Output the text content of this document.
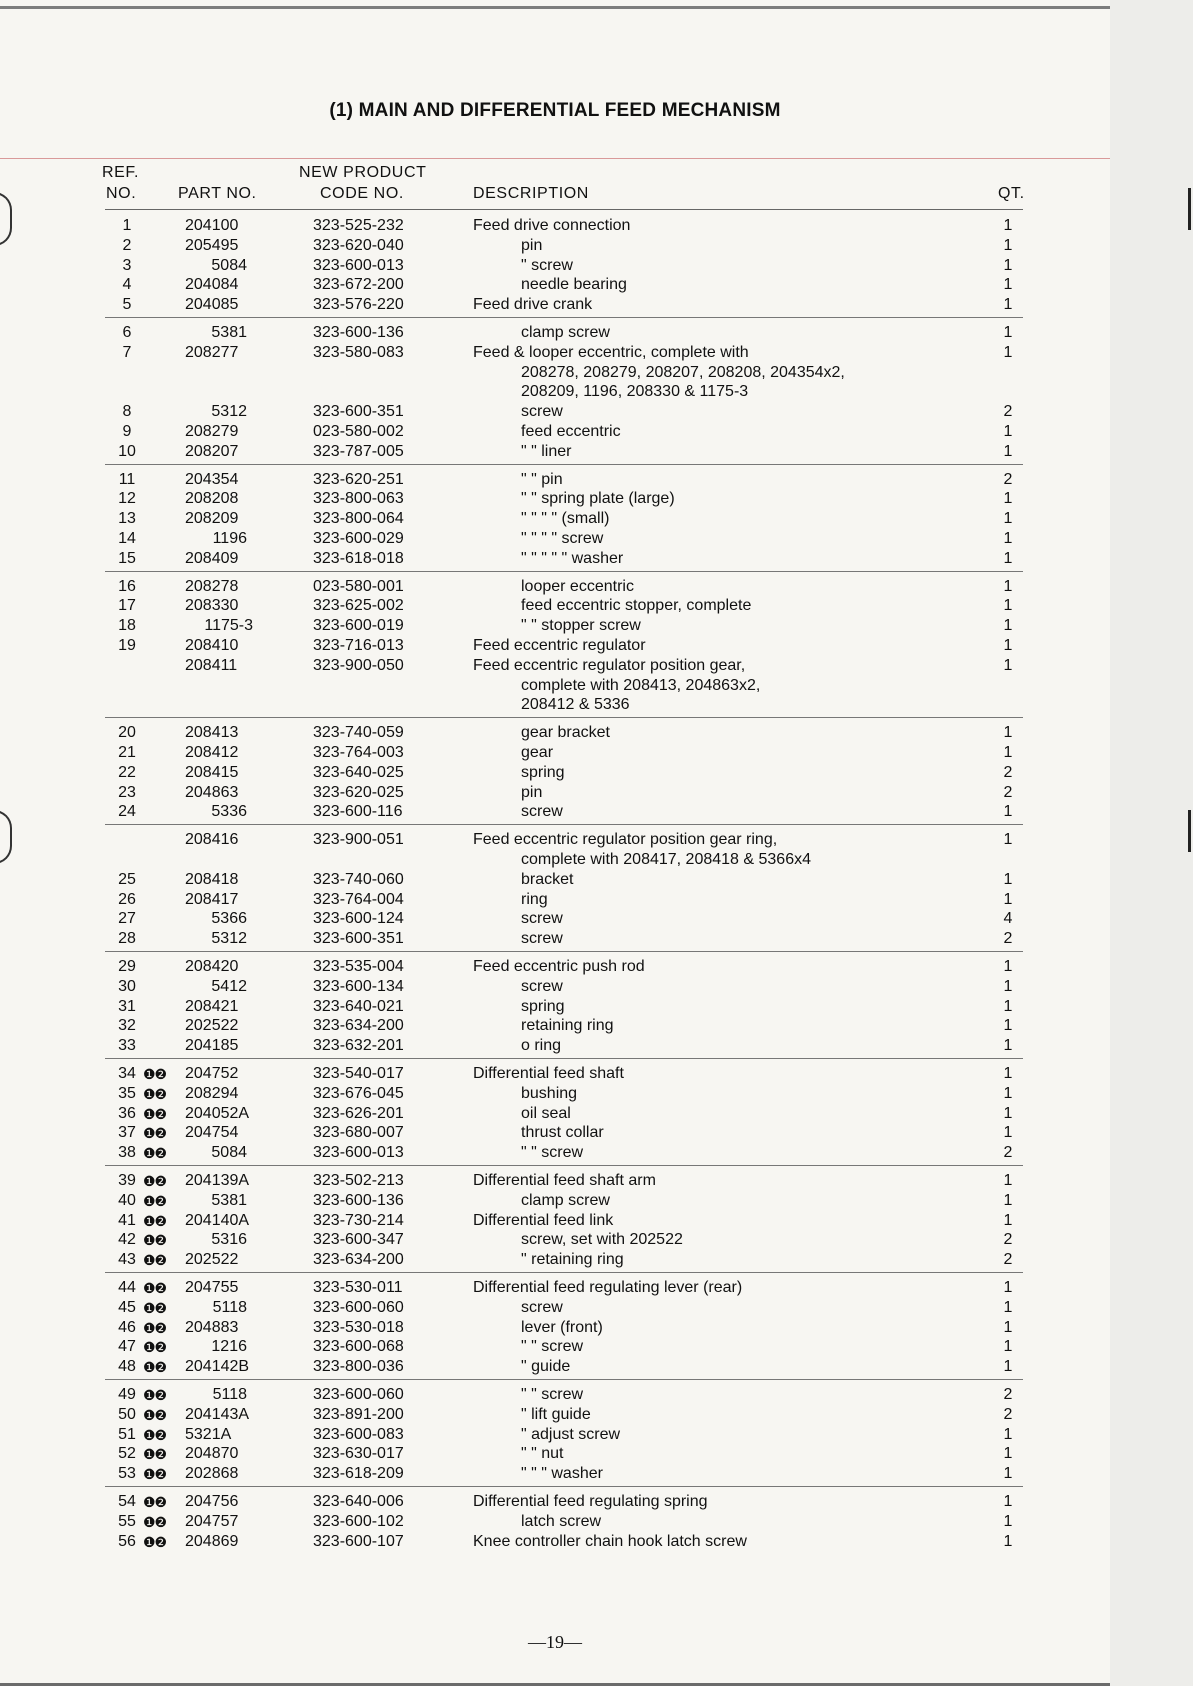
(1) MAIN AND DIFFERENTIAL FEED MECHANISM
REF.
NO.	PART NO.
NEW PRODUCT
CODE NO.	DESCRIPTION	QT.
1	204100	323-525-232	Feed drive connection	1
2	205495	323-620-040	pin	1
3	5084	323-600-013	" screw	1
4	204084	323-672-200	needle bearing	1
5	204085	323-576-220	Feed drive crank	1
6	5381	323-600-136	clamp screw	1
7	208277	323-580-083	Feed & looper eccentric, complete with	1
208278, 208279, 208207, 208208, 204354x2,
208209, 1196, 208330 & 1175-3
8	5312	323-600-351	screw	2
9	208279	023-580-002	feed eccentric	1
10	208207	323-787-005	" " liner	1
11	204354	323-620-251	" " pin	2
12	208208	323-800-063	" " spring plate (large)	1
13	208209	323-800-064	" " " " (small)	1
14	1196	323-600-029	" " " " screw	1
15	208409	323-618-018	" " " " " washer	1
16	208278	023-580-001	looper eccentric	1
17	208330	323-625-002	feed eccentric stopper, complete	1
18	1175-3	323-600-019	" " stopper screw	1
19	208410	323-716-013	Feed eccentric regulator	1
208411	323-900-050	Feed eccentric regulator position gear,	1
complete with 208413, 204863x2,
208412 & 5336
20	208413	323-740-059	gear bracket	1
21	208412	323-764-003	gear	1
22	208415	323-640-025	spring	2
23	204863	323-620-025	pin	2
24	5336	323-600-116	screw	1
208416	323-900-051	Feed eccentric regulator position gear ring,	1
complete with 208417, 208418 & 5366x4
25	208418	323-740-060	bracket	1
26	208417	323-764-004	ring	1
27	5366	323-600-124	screw	4
28	5312	323-600-351	screw	2
29	208420	323-535-004	Feed eccentric push rod	1
30	5412	323-600-134	screw	1
31	208421	323-640-021	spring	1
32	202522	323-634-200	retaining ring	1
33	204185	323-632-201	o ring	1
34 ❶❷ 204752	323-540-017	Differential feed shaft	1
35 ❶❷ 208294	323-676-045	bushing	1
36 ❶❷ 204052A	323-626-201	oil seal	1
37 ❶❷ 204754	323-680-007	thrust collar	1
38 ❶❷	5084	323-600-013	" " screw	2
39 ❶❷ 204139A	323-502-213	Differential feed shaft arm	1
40 ❶❷	5381	323-600-136	clamp screw	1
41 ❶❷ 204140A	323-730-214	Differential feed link	1
42 ❶❷	5316	323-600-347	screw, set with 202522	2
43 ❶❷ 202522	323-634-200	" retaining ring	2
44 ❶❷ 204755	323-530-011	Differential feed regulating lever (rear)	1
45 ❶❷	5118	323-600-060	screw	1
46 ❶❷ 204883	323-530-018	lever (front)	1
47 ❶❷	1216	323-600-068	" " screw	1
48 ❶❷ 204142B	323-800-036	" guide	1
49 ❶❷	5118	323-600-060	" " screw	2
50 ❶❷ 204143A	323-891-200	" lift guide	2
51 ❶❷ 5321A	323-600-083	" adjust screw	1
52 ❶❷ 204870	323-630-017	" " nut	1
53 ❶❷ 202868	323-618-209	" " " washer	1
54 ❶❷ 204756	323-640-006	Differential feed regulating spring	1
55 ❶❷ 204757	323-600-102	latch screw	1
56 ❶❷ 204869	323-600-107	Knee controller chain hook latch screw	1
—19—
